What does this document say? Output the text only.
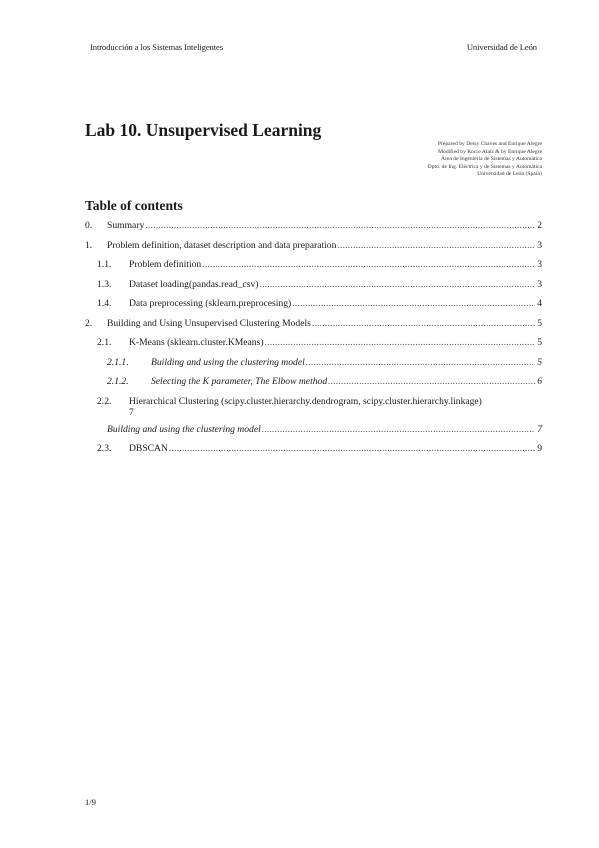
Introducción a los Sistemas Inteligentes	Universidad de León
Lab 10. Unsupervised Learning
Prepared by Deisy Chaves and Enrique Alegre
Modified by Rocio Alaiz & by Enrique Alegre
Área de Ingeniería de Sistemas y Automática
Dpto. de Ing. Eléctrica y de Sistemas y Automática
Universidad de León (Spain)
Table of contents
0.	Summary .....	2
1.	Problem definition, dataset description and data preparation .....	3
1.1.	Problem definition .....	3
1.3.	Dataset loading(pandas.read_csv) .....	3
1.4.	Data preprocessing (sklearn.preprocesing) .....	4
2.	Building and Using Unsupervised Clustering Models .....	5
2.1.	K-Means (sklearn.cluster.KMeans) .....	5
2.1.1.	Building and using the clustering model .....	5
2.1.2.	Selecting the K parameter, The Elbow method .....	6
2.2.	Hierarchical Clustering (scipy.cluster.hierarchy.dendrogram, scipy.cluster.hierarchy.linkage)
7
Building and using the clustering model .....	7
2.3.	DBSCAN .....	9
1/9
